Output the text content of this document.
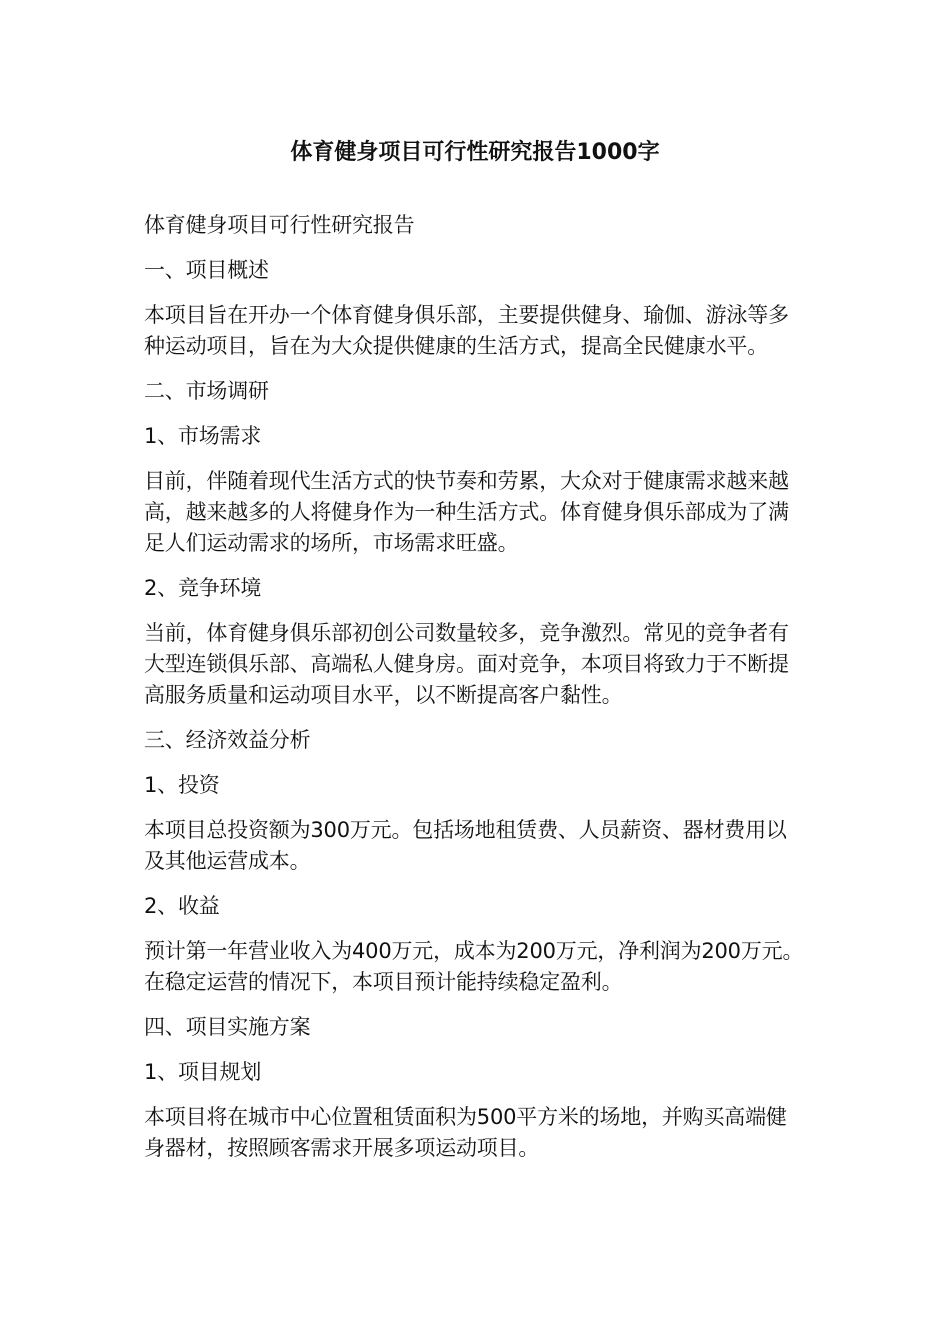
体育健身项目可行性研究报告1000字

体育健身项目可行性研究报告

一、项目概述

本项目旨在开办一个体育健身俱乐部，主要提供健身、瑜伽、游泳等多种运动项目，旨在为大众提供健康的生活方式，提高全民健康水平。

二、市场调研

1、市场需求

目前，伴随着现代生活方式的快节奏和劳累，大众对于健康需求越来越高，越来越多的人将健身作为一种生活方式。体育健身俱乐部成为了满足人们运动需求的场所，市场需求旺盛。

2、竞争环境

当前，体育健身俱乐部初创公司数量较多，竞争激烈。常见的竞争者有大型连锁俱乐部、高端私人健身房。面对竞争，本项目将致力于不断提高服务质量和运动项目水平，以不断提高客户黏性。

三、经济效益分析

1、投资

本项目总投资额为300万元。包括场地租赁费、人员薪资、器材费用以及其他运营成本。

2、收益

预计第一年营业收入为400万元，成本为200万元，净利润为200万元。在稳定运营的情况下，本项目预计能持续稳定盈利。

四、项目实施方案

1、项目规划

本项目将在城市中心位置租赁面积为500平方米的场地，并购买高端健身器材，按照顾客需求开展多项运动项目。
